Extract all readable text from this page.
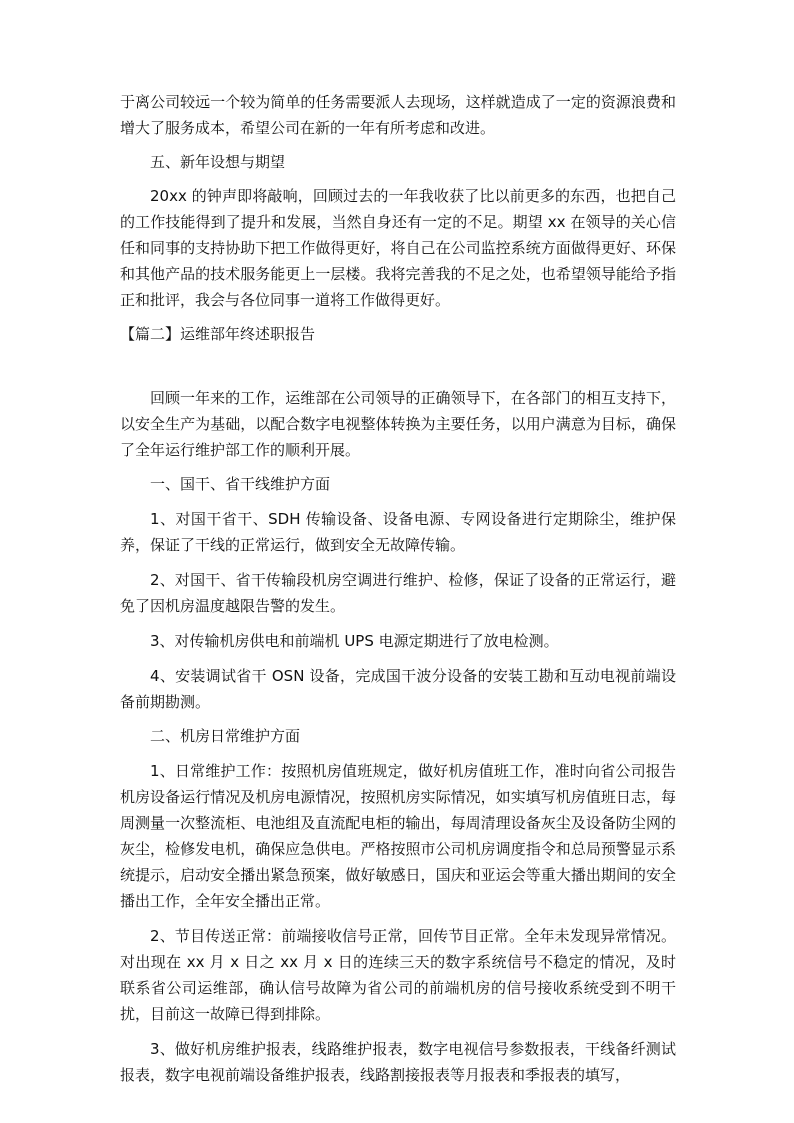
于离公司较远一个较为简单的任务需要派人去现场，这样就造成了一定的资源浪费和增大了服务成本，希望公司在新的一年有所考虑和改进。

五、新年设想与期望

20xx 的钟声即将敲响，回顾过去的一年我收获了比以前更多的东西，也把自己的工作技能得到了提升和发展，当然自身还有一定的不足。期望 xx 在领导的关心信任和同事的支持协助下把工作做得更好，将自己在公司监控系统方面做得更好、环保和其他产品的技术服务能更上一层楼。我将完善我的不足之处，也希望领导能给予指正和批评，我会与各位同事一道将工作做得更好。

【篇二】运维部年终述职报告

回顾一年来的工作，运维部在公司领导的正确领导下，在各部门的相互支持下，以安全生产为基础，以配合数字电视整体转换为主要任务，以用户满意为目标，确保了全年运行维护部工作的顺利开展。

一、国干、省干线维护方面

1、对国干省干、SDH 传输设备、设备电源、专网设备进行定期除尘，维护保养，保证了干线的正常运行，做到安全无故障传输。

2、对国干、省干传输段机房空调进行维护、检修，保证了设备的正常运行，避免了因机房温度越限告警的发生。

3、对传输机房供电和前端机 UPS 电源定期进行了放电检测。

4、安装调试省干 OSN 设备，完成国干波分设备的安装工勘和互动电视前端设备前期勘测。

二、机房日常维护方面

1、日常维护工作：按照机房值班规定，做好机房值班工作，准时向省公司报告机房设备运行情况及机房电源情况，按照机房实际情况，如实填写机房值班日志，每周测量一次整流柜、电池组及直流配电柜的输出，每周清理设备灰尘及设备防尘网的灰尘，检修发电机，确保应急供电。严格按照市公司机房调度指令和总局预警显示系统提示，启动安全播出紧急预案，做好敏感日，国庆和亚运会等重大播出期间的安全播出工作，全年安全播出正常。

2、节目传送正常：前端接收信号正常，回传节目正常。全年未发现异常情况。对出现在 xx 月 x 日之 xx 月 x 日的连续三天的数字系统信号不稳定的情况，及时联系省公司运维部，确认信号故障为省公司的前端机房的信号接收系统受到不明干扰，目前这一故障已得到排除。

3、做好机房维护报表，线路维护报表，数字电视信号参数报表，干线备纤测试报表，数字电视前端设备维护报表，线路割接报表等月报表和季报表的填写，
